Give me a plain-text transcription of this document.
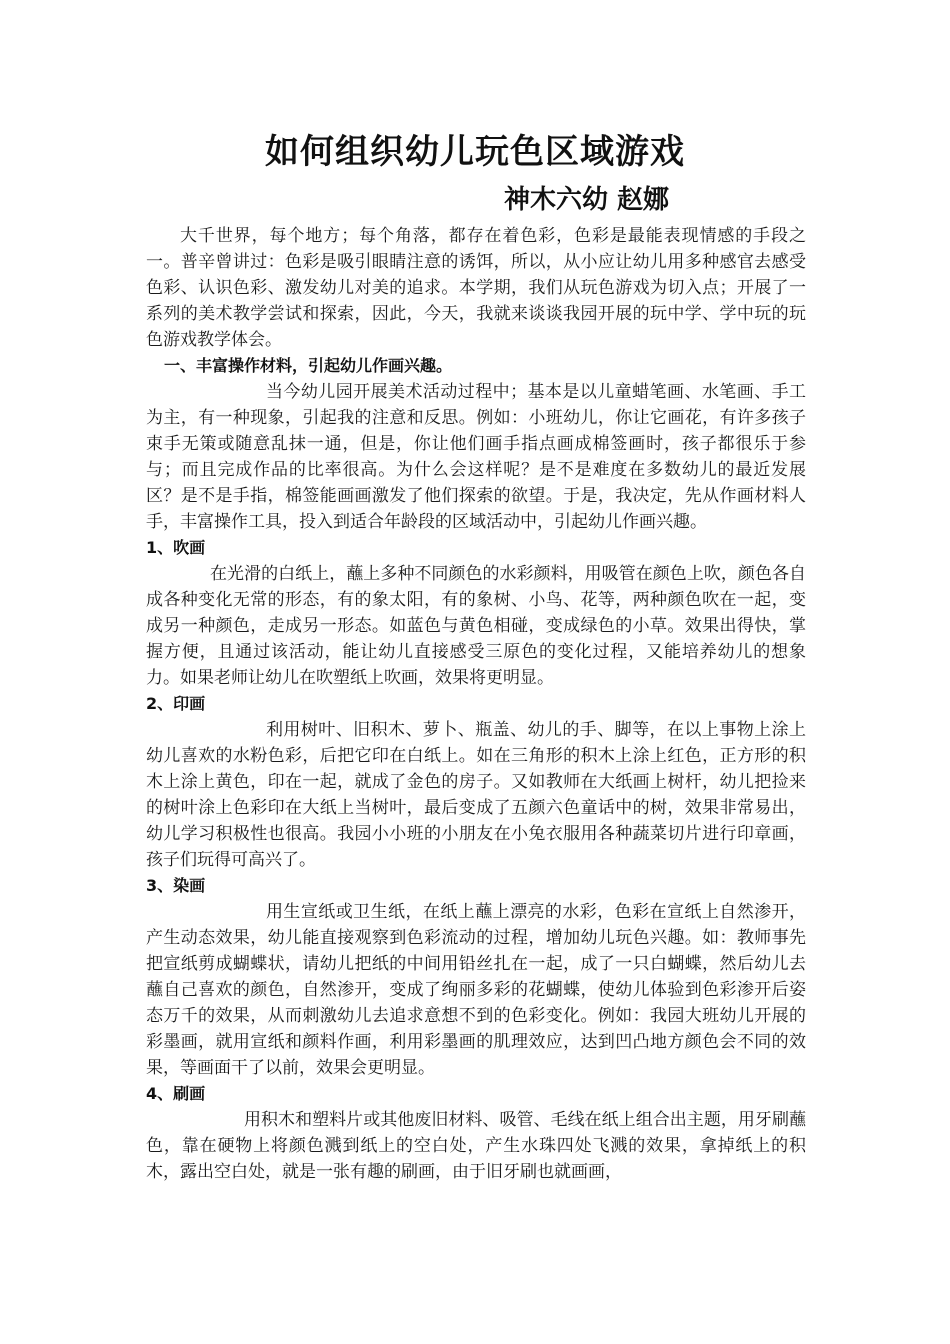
如何组织幼儿玩色区域游戏
神木六幼 赵娜

大千世界，每个地方；每个角落，都存在着色彩，色彩是最能表现情感的手段之一。普辛曾讲过：色彩是吸引眼睛注意的诱饵，所以，从小应让幼儿用多种感官去感受色彩、认识色彩、激发幼儿对美的追求。本学期，我们从玩色游戏为切入点；开展了一系列的美术教学尝试和探索，因此，今天，我就来谈谈我园开展的玩中学、学中玩的玩色游戏教学体会。

一、丰富操作材料，引起幼儿作画兴趣。

当今幼儿园开展美术活动过程中；基本是以儿童蜡笔画、水笔画、手工为主，有一种现象，引起我的注意和反思。例如：小班幼儿，你让它画花，有许多孩子束手无策或随意乱抹一通，但是，你让他们画手指点画成棉签画时，孩子都很乐于参与；而且完成作品的比率很高。为什么会这样呢？是不是难度在多数幼儿的最近发展区？是不是手指，棉签能画画激发了他们探索的欲望。于是，我决定，先从作画材料人手，丰富操作工具，投入到适合年龄段的区域活动中，引起幼儿作画兴趣。

1、吹画

在光滑的白纸上，蘸上多种不同颜色的水彩颜料，用吸管在颜色上吹，颜色各自成各种变化无常的形态，有的象太阳，有的象树、小鸟、花等，两种颜色吹在一起，变成另一种颜色，走成另一形态。如蓝色与黄色相碰，变成绿色的小草。效果出得快，掌握方便，且通过该活动，能让幼儿直接感受三原色的变化过程，又能培养幼儿的想象力。如果老师让幼儿在吹塑纸上吹画，效果将更明显。

2、印画

利用树叶、旧积木、萝卜、瓶盖、幼儿的手、脚等，在以上事物上涂上幼儿喜欢的水粉色彩，后把它印在白纸上。如在三角形的积木上涂上红色，正方形的积木上涂上黄色，印在一起，就成了金色的房子。又如教师在大纸画上树杆，幼儿把捡来的树叶涂上色彩印在大纸上当树叶，最后变成了五颜六色童话中的树，效果非常易出，幼儿学习积极性也很高。我园小小班的小朋友在小兔衣服用各种蔬菜切片进行印章画，孩子们玩得可高兴了。

3、染画

用生宣纸或卫生纸，在纸上蘸上漂亮的水彩，色彩在宣纸上自然渗开，产生动态效果，幼儿能直接观察到色彩流动的过程，增加幼儿玩色兴趣。如：教师事先把宣纸剪成蝴蝶状，请幼儿把纸的中间用铅丝扎在一起，成了一只白蝴蝶，然后幼儿去蘸自己喜欢的颜色，自然渗开，变成了绚丽多彩的花蝴蝶，使幼儿体验到色彩渗开后姿态万千的效果，从而刺激幼儿去追求意想不到的色彩变化。例如：我园大班幼儿开展的彩墨画，就用宣纸和颜料作画，利用彩墨画的肌理效应，达到凹凸地方颜色会不同的效果，等画面干了以前，效果会更明显。

4、刷画

用积木和塑料片或其他废旧材料、吸管、毛线在纸上组合出主题，用牙刷蘸色，靠在硬物上将颜色溅到纸上的空白处，产生水珠四处飞溅的效果，拿掉纸上的积木，露出空白处，就是一张有趣的刷画，由于旧牙刷也就画画，
